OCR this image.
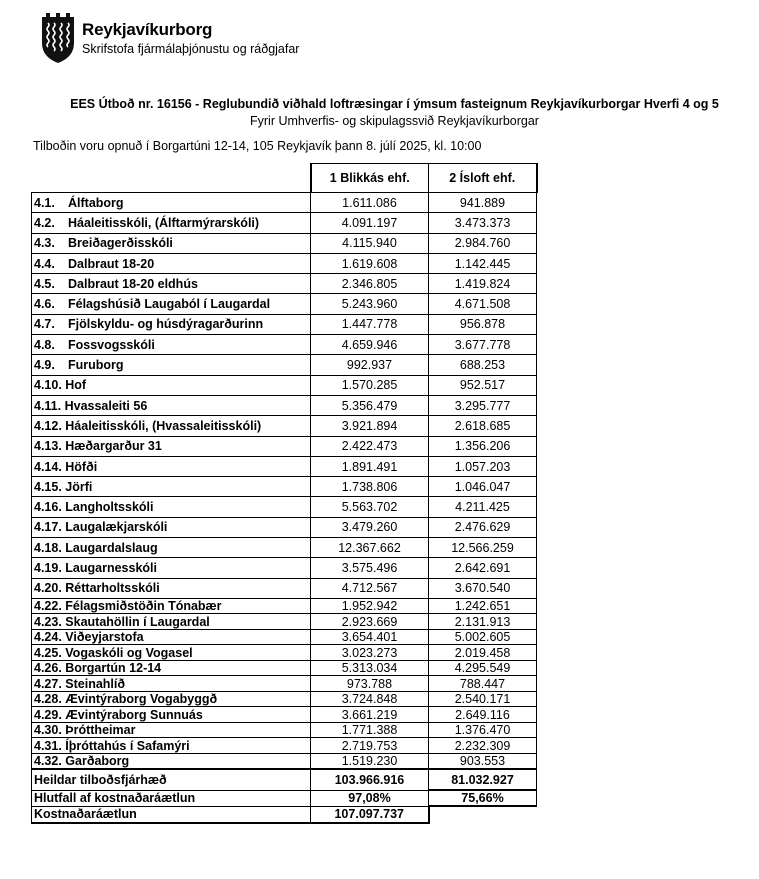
Reykjavíkurborg
Skrifstofa fjármálaþjónustu og ráðgjafar
EES Útboð nr. 16156 - Reglubundið viðhald loftræsingar í ýmsum fasteignum Reykjavíkurborgar Hverfi 4 og 5
Fyrir Umhverfis- og skipulagssvið Reykjavíkurborgar
Tilboðin voru opnuð í Borgartúni 12-14, 105 Reykjavík þann 8. júlí 2025, kl. 10:00
	1 Blikkás ehf.	2 Ísloft ehf.
4.1. Álftaborg	1.611.086	941.889
4.2. Háaleitisskóli, (Álftarmýrarskóli)	4.091.197	3.473.373
4.3. Breiðagerðisskóli	4.115.940	2.984.760
4.4. Dalbraut 18-20	1.619.608	1.142.445
4.5. Dalbraut 18-20 eldhús	2.346.805	1.419.824
4.6. Félagshúsið Laugaból í Laugardal	5.243.960	4.671.508
4.7. Fjölskyldu- og húsdýragarðurinn	1.447.778	956.878
4.8. Fossvogsskóli	4.659.946	3.677.778
4.9. Furuborg	992.937	688.253
4.10. Hof	1.570.285	952.517
4.11. Hvassaleiti 56	5.356.479	3.295.777
4.12. Háaleitisskóli, (Hvassaleitisskóli)	3.921.894	2.618.685
4.13. Hæðargarður 31	2.422.473	1.356.206
4.14. Höfði	1.891.491	1.057.203
4.15. Jörfi	1.738.806	1.046.047
4.16. Langholtsskóli	5.563.702	4.211.425
4.17. Laugalækjarskóli	3.479.260	2.476.629
4.18. Laugardalslaug	12.367.662	12.566.259
4.19. Laugarnesskóli	3.575.496	2.642.691
4.20. Réttarholtsskóli	4.712.567	3.670.540
4.22. Félagsmiðstöðin Tónabær	1.952.942	1.242.651
4.23. Skautahöllin í Laugardal	2.923.669	2.131.913
4.24. Viðeyjarstofa	3.654.401	5.002.605
4.25. Vogaskóli og Vogasel	3.023.273	2.019.458
4.26. Borgartún 12-14	5.313.034	4.295.549
4.27. Steinahlíð	973.788	788.447
4.28. Ævintýraborg Vogabyggð	3.724.848	2.540.171
4.29. Ævintýraborg Sunnuás	3.661.219	2.649.116
4.30. Þróttheimar	1.771.388	1.376.470
4.31. Íþróttahús í Safamýri	2.719.753	2.232.309
4.32. Garðaborg	1.519.230	903.553
Heildar tilboðsfjárhæð	103.966.916	81.032.927
Hlutfall af kostnaðaráætlun	97,08%	75,66%
Kostnaðaráætlun	107.097.737	
